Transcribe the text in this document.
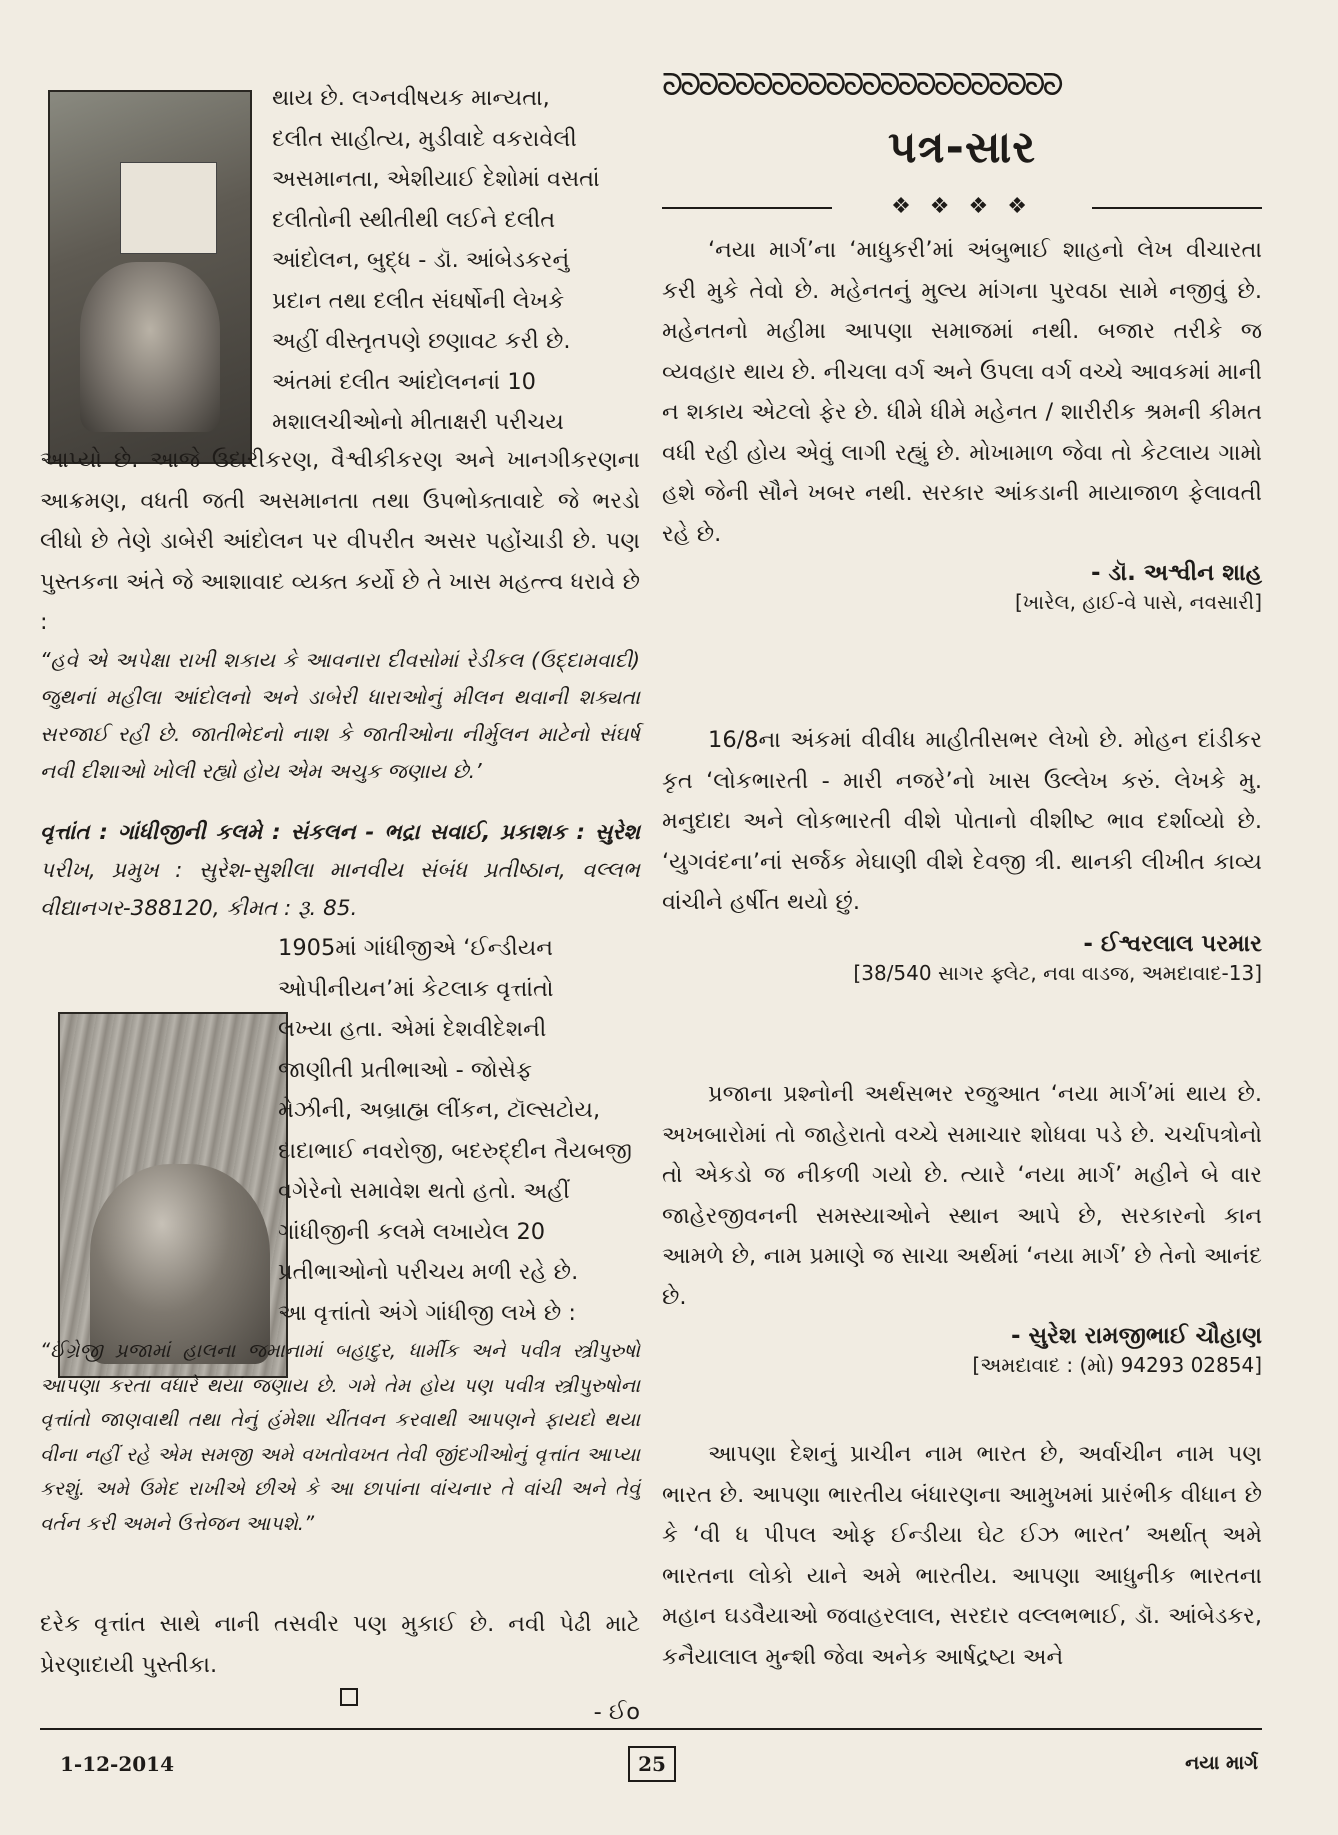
થાય છે. લગ્નવીષયક માન્યતા,
દલીત સાહીત્ય, મુડીવાદે વકરાવેલી
અસમાનતા, એશીયાઈ દેશોમાં વસતાં
દલીતોની સ્થીતીથી લઈને દલીત
આંદોલન, બુદ્ધ - ડૉ. આંબેડકરનું
પ્રદાન તથા દલીત સંઘર્ષોની લેખકે
અહીં વીસ્તૃતપણે છણાવટ કરી છે.
અંતમાં દલીત આંદોલનનાં 10
મશાલચીઓનો મીતાક્ષરી પરીચય
આપ્યો છે. આજે ઉદારીકરણ, વૈશ્વીકીકરણ અને ખાનગીકરણના આક્રમણ, વધતી જતી અસમાનતા તથા ઉપભોક્તાવાદે જે ભરડો લીધો છે તેણે ડાબેરી આંદોલન પર વીપરીત અસર પહોંચાડી છે. પણ પુસ્તકના અંતે જે આશાવાદ વ્યક્ત કર્યો છે તે ખાસ મહત્ત્વ ધરાવે છે :
“હવે એ અપેક્ષા રાખી શકાય કે આવનારા દીવસોમાં રેડીકલ (ઉદ્દામવાદી) જુથનાં મહીલા આંદોલનો અને ડાબેરી ધારાઓનું મીલન થવાની શક્યતા સરજાઈ રહી છે. જાતીભેદનો નાશ કે જાતીઓના નીર્મુલન માટેનો સંઘર્ષ નવી દીશાઓ ખોલી રહ્યો હોય એમ અચુક જણાય છે.’
વૃત્તાંત : ગાંધીજીની કલમે : સંકલન - ભદ્રા સવાઈ, પ્રકાશક : સુરેશ પરીખ, પ્રમુખ : સુરેશ-સુશીલા માનવીય સંબંધ પ્રતીષ્ઠાન, વલ્લભ વીદ્યાનગર-388120, કીમત : રૂ. 85.
1905માં ગાંધીજીએ ‘ઈન્ડીયન
ઓપીનીયન’માં કેટલાક વૃત્તાંતો
લખ્યા હતા. એમાં દેશવીદેશની
જાણીતી પ્રતીભાઓ - જોસેફ
મેઝીની, અબ્રાહ્મ લીંકન, ટૉલ્સટોય,
દાદાભાઈ નવરોજી, બદરુદ્દીન તૈયબજી
વગેરેનો સમાવેશ થતો હતો. અહીં
ગાંધીજીની કલમે લખાયેલ 20
પ્રતીભાઓનો પરીચય મળી રહે છે.
આ વૃત્તાંતો અંગે ગાંધીજી લખે છે :
“ઈંગ્રેજી પ્રજામાં હાલના જમાનામાં બહાદુર, ધાર્મીક અને પવીત્ર સ્ત્રીપુરુષો આપણાં કરતાં વધારે થયાં જણાય છે. ગમે તેમ હોય પણ પવીત્ર સ્ત્રીપુરુષોના વૃત્તાંતો જાણવાથી તથા તેનું હંમેશા ચીંતવન કરવાથી આપણને ફાયદો થયા વીના નહીં રહે એમ સમજી અમે વખતોવખત તેવી જીંદગીઓનું વૃત્તાંત આપ્યા કરશું. અમે ઉમેદ રાખીએ છીએ કે આ છાપાંના વાંચનાર તે વાંચી અને તેવું વર્તન કરી અમને ઉત્તેજન આપશે.”
દરેક વૃત્તાંત સાથે નાની તસવીર પણ મુકાઈ છે. નવી પેઢી માટે પ્રેરણાદાયી પુસ્તીકા.
- ઈo
ᘐᘐᘐᘐᘐᘐᘐᘐᘐᘐᘐᘐᘐᘐᘐᘐᘐᘐᘐᘐᘐᘐ
પત્ર-સાર
❖ ❖ ❖ ❖
‘નયા માર્ગ’ના ‘માધુકરી’માં અંબુભાઈ શાહનો લેખ વીચારતા કરી મુકે તેવો છે. મહેનતનું મુલ્ય માંગના પુરવઠા સામે નજીવું છે. મહેનતનો મહીમા આપણા સમાજમાં નથી. બજાર તરીકે જ વ્યવહાર થાય છે. નીચલા વર્ગ અને ઉપલા વર્ગ વચ્ચે આવકમાં માની ન શકાય એટલો ફેર છે. ધીમે ધીમે મહેનત / શારીરીક શ્રમની કીમત વધી રહી હોય એવું લાગી રહ્યું છે. મોખામાળ જેવા તો કેટલાય ગામો હશે જેની સૌને ખબર નથી. સરકાર આંકડાની માયાજાળ ફેલાવતી રહે છે.
- ડૉ. અશ્વીન શાહ
[ખારેલ, હાઈ-વે પાસે, નવસારી]
16/8ના અંકમાં વીવીધ માહીતીસભર લેખો છે. મોહન દાંડીકર કૃત ‘લોકભારતી - મારી નજરે’નો ખાસ ઉલ્લેખ કરું. લેખકે મુ. મનુદાદા અને લોકભારતી વીશે પોતાનો વીશીષ્ટ ભાવ દર્શાવ્યો છે. ‘યુગવંદના’નાં સર્જક મેઘાણી વીશે દેવજી ત્રી. થાનકી લીખીત કાવ્ય વાંચીને હર્ષીત થયો છું.
- ઈશ્વરલાલ પરમાર
[38/540 સાગર ફ્લેટ, નવા વાડજ, અમદાવાદ-13]
પ્રજાના પ્રશ્નોની અર્થસભર રજુઆત ‘નયા માર્ગ’માં થાય છે. અખબારોમાં તો જાહેરાતો વચ્ચે સમાચાર શોધવા પડે છે. ચર્ચાપત્રોનો તો એકડો જ નીકળી ગયો છે. ત્યારે ‘નયા માર્ગ’ મહીને બે વાર જાહેરજીવનની સમસ્યાઓને સ્થાન આપે છે, સરકારનો કાન આમળે છે, નામ પ્રમાણે જ સાચા અર્થમાં ‘નયા માર્ગ’ છે તેનો આનંદ છે.
- સુરેશ રામજીભાઈ ચૌહાણ
[અમદાવાદ : (મો) 94293 02854]
આપણા દેશનું પ્રાચીન નામ ભારત છે, અર્વાચીન નામ પણ ભારત છે. આપણા ભારતીય બંધારણના આમુખમાં પ્રારંભીક વીધાન છે કે ‘વી ધ પીપલ ઓફ ઈન્ડીયા ઘેટ ઈઝ ભારત’ અર્થાત્ અમે ભારતના લોકો યાને અમે ભારતીય. આપણા આધુનીક ભારતના મહાન ઘડવૈયાઓ જવાહરલાલ, સરદાર વલ્લભભાઈ, ડૉ. આંબેડકર, કનૈયાલાલ મુન્શી જેવા અનેક આર્ષદ્રષ્ટા અને
1-12-2014	25	નયા માર્ગ
